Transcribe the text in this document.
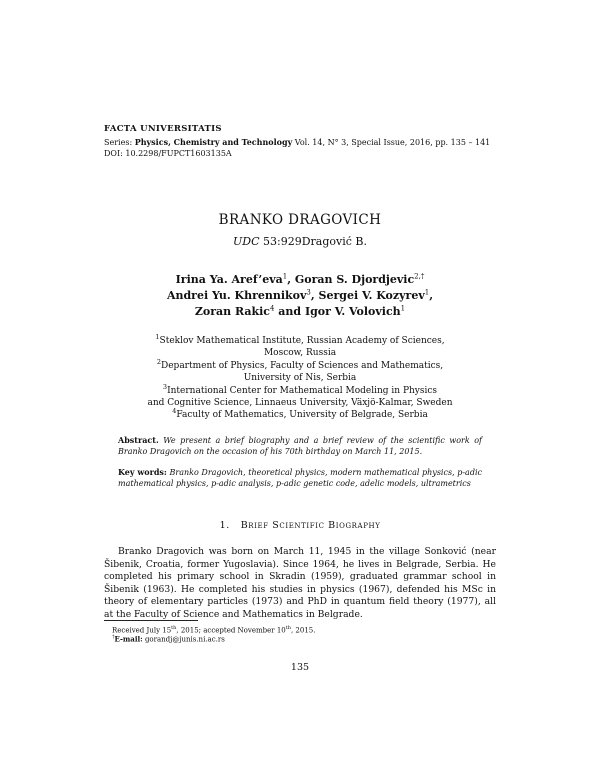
FACTA UNIVERSITATIS
Series: Physics, Chemistry and Technology Vol. 14, N° 3, Special Issue, 2016, pp. 135 – 141
DOI: 10.2298/FUPCT1603135A
BRANKO DRAGOVICH
UDC 53:929Dragović B.
Irina Ya. Aref’eva$^1$, Goran S. Djordjevic$^{2,\dagger}$
Andrei Yu. Khrennikov$^3$, Sergei V. Kozyrev$^1$,
Zoran Rakic$^4$ and Igor V. Volovich$^1$
$^1$Steklov Mathematical Institute, Russian Academy of Sciences,
Moscow, Russia
$^2$Department of Physics, Faculty of Sciences and Mathematics,
University of Nis, Serbia
$^3$International Center for Mathematical Modeling in Physics
and Cognitive Science, Linnaeus University, Växjö-Kalmar, Sweden
$^4$Faculty of Mathematics, University of Belgrade, Serbia
Abstract. We present a brief biography and a brief review of the scientific work of Branko Dragovich on the occasion of his 70th birthday on March 11, 2015.
Key words: Branko Dragovich, theoretical physics, modern mathematical physics, p-adic mathematical physics, p-adic analysis, p-adic genetic code, adelic models, ultrametrics
1. Brief Scientific Biography
Branko Dragovich was born on March 11, 1945 in the village Sonković (near Šibenik, Croatia, former Yugoslavia). Since 1964, he lives in Belgrade, Serbia. He completed his primary school in Skradin (1959), graduated grammar school in Šibenik (1963). He completed his studies in physics (1967), defended his MSc in theory of elementary particles (1973) and PhD in quantum field theory (1977), all at the Faculty of Science and Mathematics in Belgrade.
Received July 15th, 2015; accepted November 10th, 2015.
†E-mail: gorandj@junis.ni.ac.rs
135
